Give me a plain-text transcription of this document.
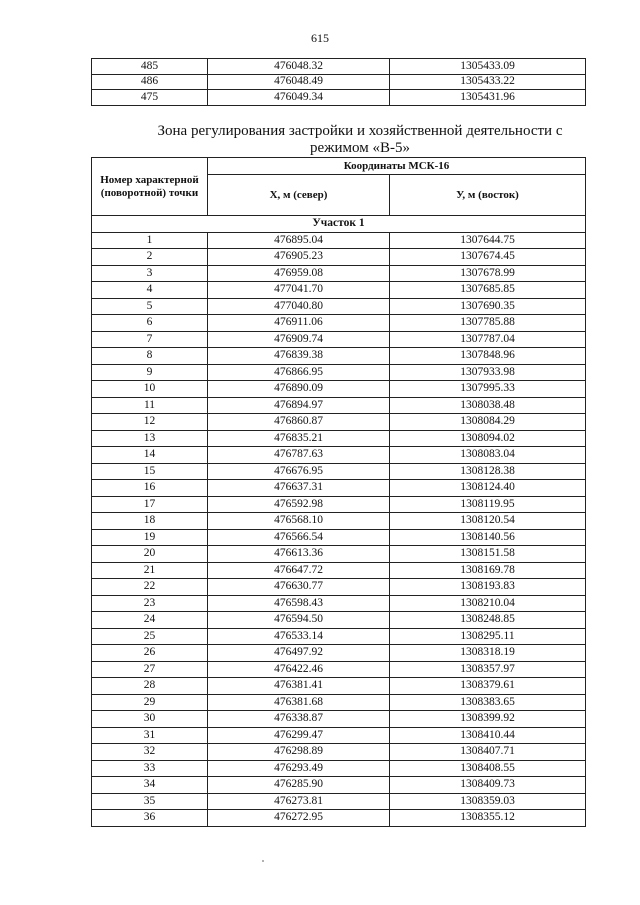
615
485	476048.32	1305433.09
486	476048.49	1305433.22
475	476049.34	1305431.96
Зона регулирования застройки и хозяйственной деятельности с режимом «В-5»
Номер характерной (поворотной) точки	Координаты МСК-16	
	Х, м (север)	У, м (восток)
Участок 1		
1	476895.04	1307644.75
2	476905.23	1307674.45
3	476959.08	1307678.99
4	477041.70	1307685.85
5	477040.80	1307690.35
6	476911.06	1307785.88
7	476909.74	1307787.04
8	476839.38	1307848.96
9	476866.95	1307933.98
10	476890.09	1307995.33
11	476894.97	1308038.48
12	476860.87	1308084.29
13	476835.21	1308094.02
14	476787.63	1308083.04
15	476676.95	1308128.38
16	476637.31	1308124.40
17	476592.98	1308119.95
18	476568.10	1308120.54
19	476566.54	1308140.56
20	476613.36	1308151.58
21	476647.72	1308169.78
22	476630.77	1308193.83
23	476598.43	1308210.04
24	476594.50	1308248.85
25	476533.14	1308295.11
26	476497.92	1308318.19
27	476422.46	1308357.97
28	476381.41	1308379.61
29	476381.68	1308383.65
30	476338.87	1308399.92
31	476299.47	1308410.44
32	476298.89	1308407.71
33	476293.49	1308408.55
34	476285.90	1308409.73
35	476273.81	1308359.03
36	476272.95	1308355.12
